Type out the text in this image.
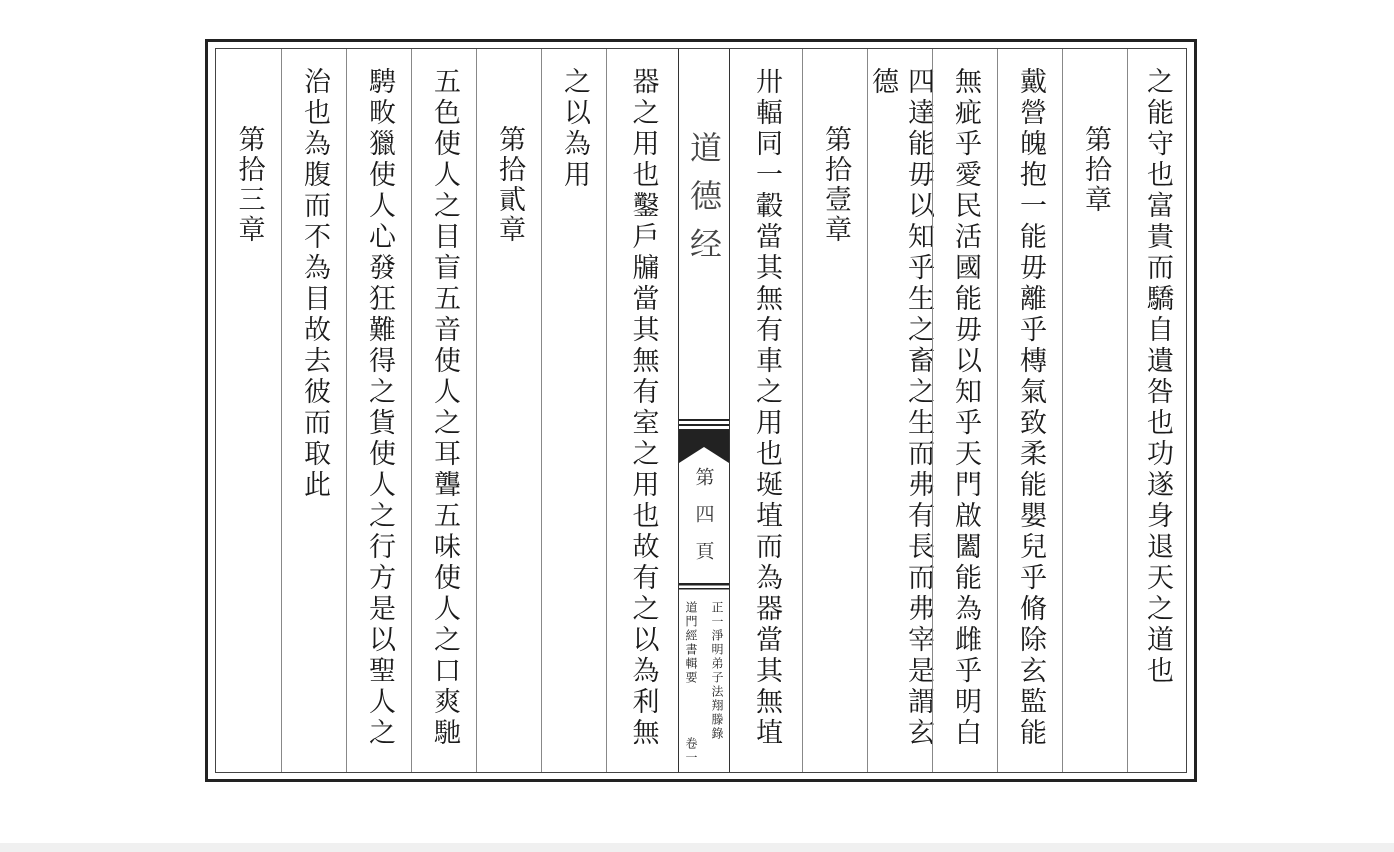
第拾三章	治也為腹而不為目故去彼而取此	騁畋獵使人心發狂難得之貨使人之行方是以聖人之	五色使人之目盲五音使人之耳聾五味使人之口爽馳	第拾貳章	之以為用	器之用也鑿戶牖當其無有室之用也故有之以為利無 道德经
第四頁
正一淨明弟子法翔滕錄
道門經書輯要
卷一
卅輻同一轂當其無有車之用也埏埴而為器當其無埴	第拾壹章	四達能毋以知乎生之畜之生而弗有長而弗宰是謂玄德	無疵乎愛民活國能毋以知乎天門啟闔能為雌乎明白	戴營魄抱一能毋離乎槫氣致柔能嬰兒乎脩除玄監能	第拾章	之能守也富貴而驕自遺咎也功遂身退天之道也
